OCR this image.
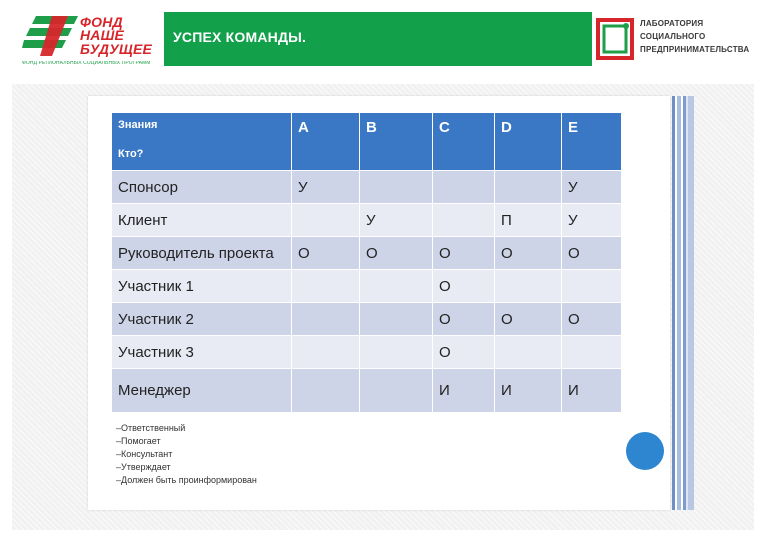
ФОНД
НАШЕ
БУДУЩЕЕ
ФОНД РЕГИОНАЛЬНЫХ СОЦИАЛЬНЫХ ПРОГРАММ
УСПЕХ КОМАНДЫ.
ЛАБОРАТОРИЯ
СОЦИАЛЬНОГО
ПРЕДПРИНИМАТЕЛЬСТВА
Знания
Кто?	A	B	C	D	E
Спонсор	У				У
Клиент		У		П	У
Руководитель проекта	О	О	О	О	О
Участник 1			О		
Участник 2			О	О	О
Участник 3			О		
Менеджер			И	И	И
–Ответственный
–Помогает
–Консультант
–Утверждает
–Должен быть проинформирован
